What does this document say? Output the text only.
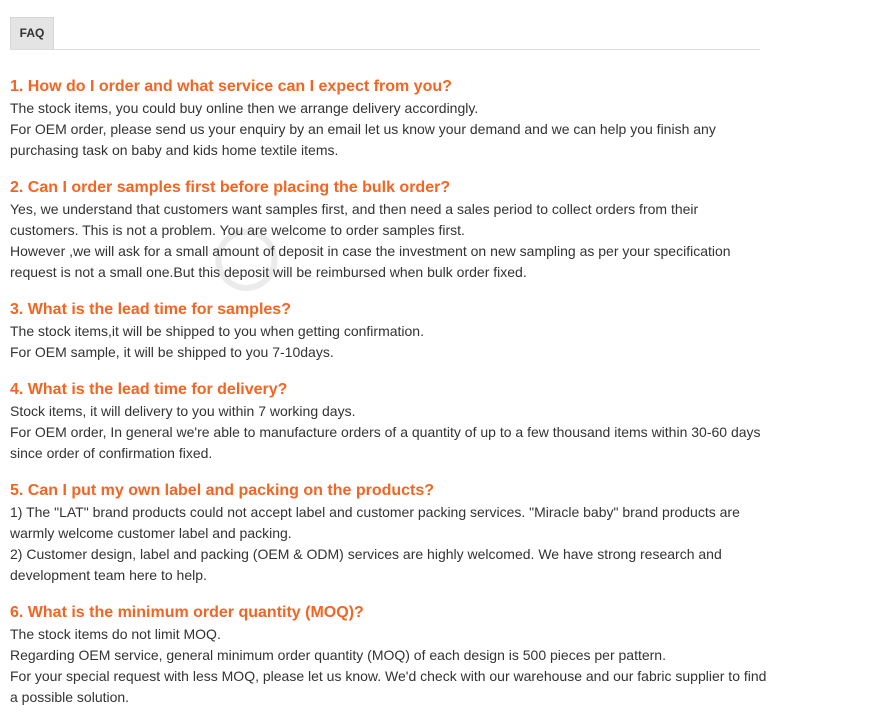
FAQ
1. How do I order and what service can I expect from you?
The stock items, you could buy online then we arrange delivery accordingly.
For OEM order, please send us your enquiry by an email let us know your demand and we can help you finish any purchasing task on baby and kids home textile items.
2. Can I order samples first before placing the bulk order?
Yes, we understand that customers want samples first, and then need a sales period to collect orders from their customers. This is not a problem. You are welcome to order samples first.
However ,we will ask for a small amount of deposit in case the investment on new sampling as per your specification request is not a small one.But this deposit will be reimbursed when bulk order fixed.
3. What is the lead time for samples?
The stock items,it will be shipped to you when getting confirmation.
For OEM sample, it will be shipped to you 7-10days.
4. What is the lead time for delivery?
Stock items, it will delivery to you within 7 working days.
For OEM order, In general we're able to manufacture orders of a quantity of up to a few thousand items within 30-60 days since order of confirmation fixed.
5. Can I put my own label and packing on the products?
1) The "LAT" brand products could not accept label and customer packing services. "Miracle baby" brand products are warmly welcome customer label and packing.
2) Customer design, label and packing (OEM & ODM) services are highly welcomed. We have strong research and development team here to help.
6. What is the minimum order quantity (MOQ)?
The stock items do not limit MOQ.
Regarding OEM service, general minimum order quantity (MOQ) of each design is 500 pieces per pattern.
For your special request with less MOQ, please let us know. We'd check with our warehouse and our fabric supplier to find a possible solution.
